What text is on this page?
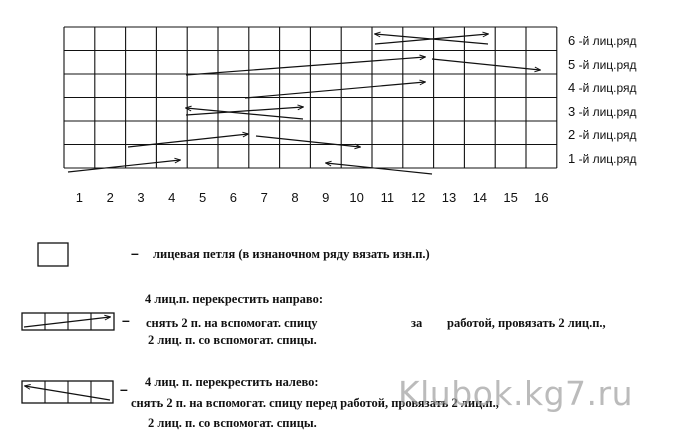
1 2 3 4 5 6 7 8 9 10 11 12 13 14 15 16
6 -й лиц.ряд
5 -й лиц.ряд
4 -й лиц.ряд
3 -й лиц.ряд
2 -й лиц.ряд
1 -й лиц.ряд
– лицевая петля (в изнаночном ряду вязать изн.п.)
4 лиц.п. перекрестить направо:
– снять 2 п. на вспомогат. спицу	за работой, провязать 2 лиц.п.,
2 лиц. п. со вспомогат. спицы.
4 лиц. п. перекрестить налево:
–
снять 2 п. на вспомогат. спицу перед работой, провязать 2 лиц.п.,
2 лиц. п. со вспомогат. спицы.
Klubok.kg7.ru
